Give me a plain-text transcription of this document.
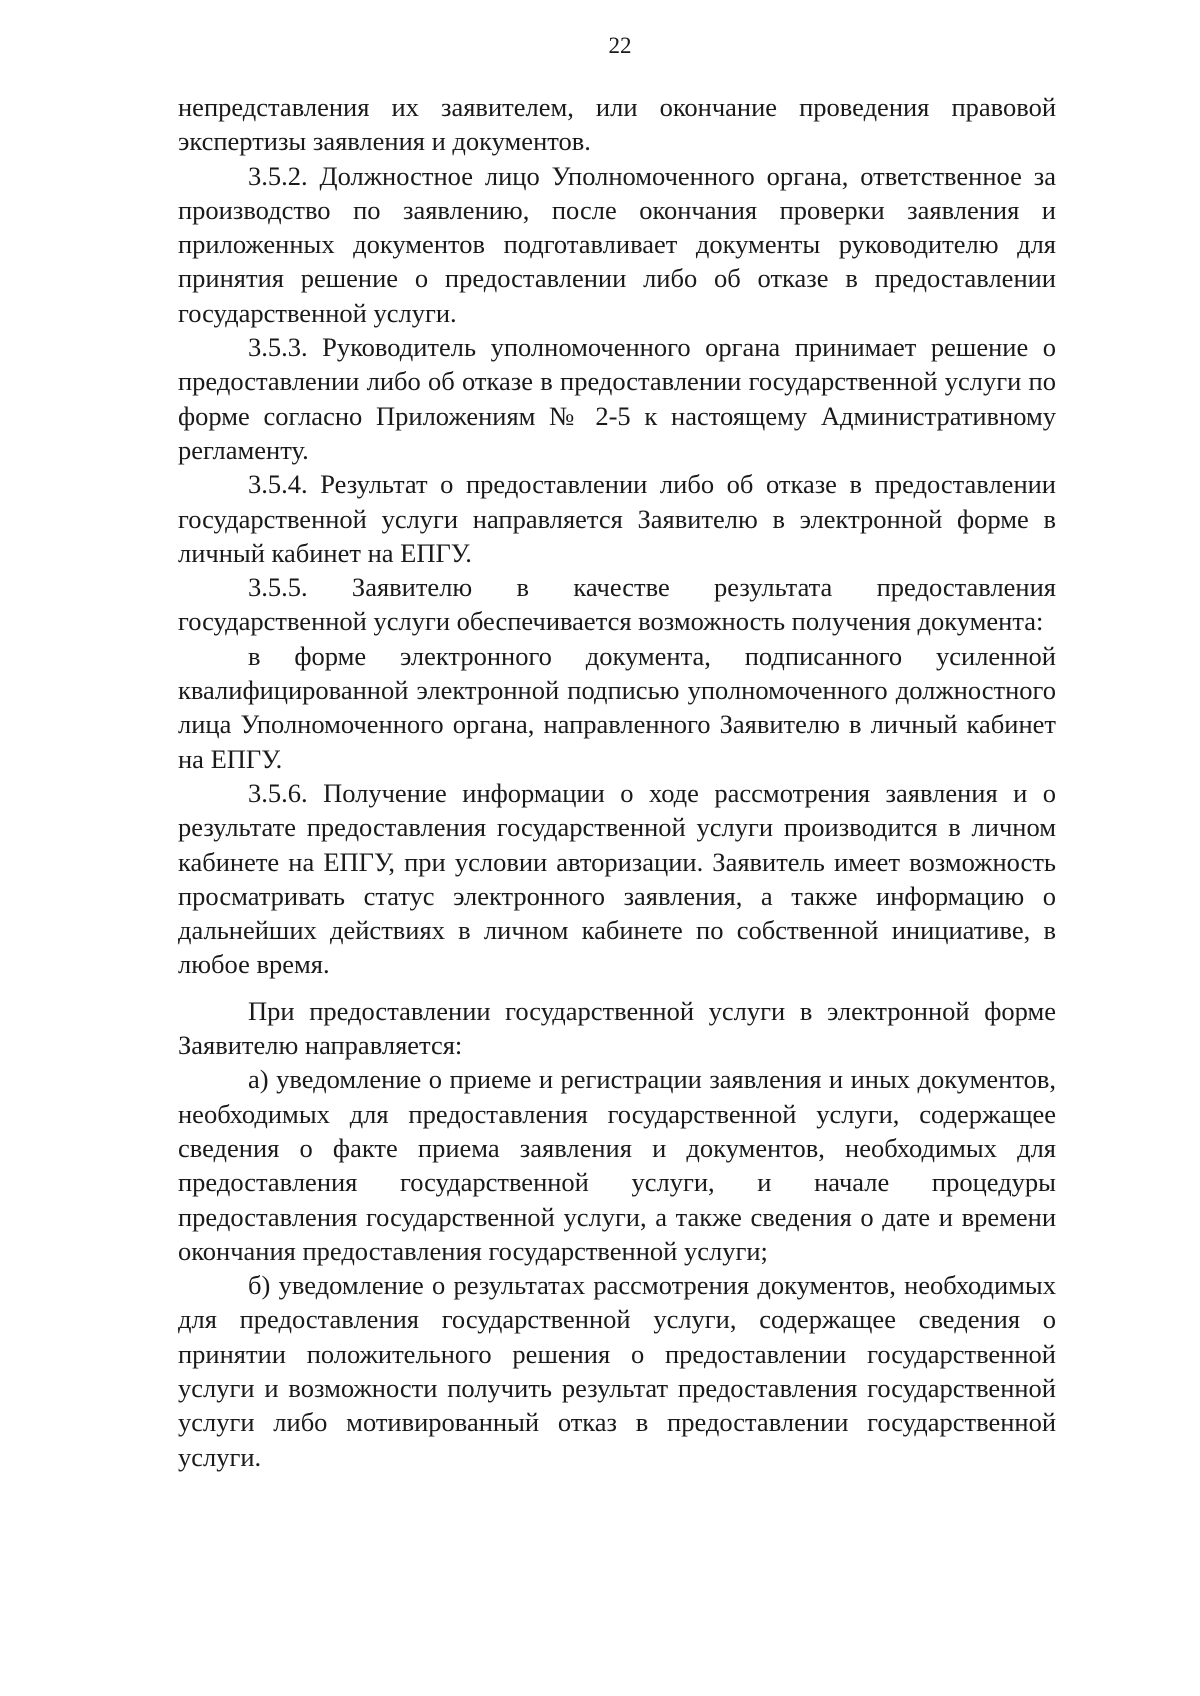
22

непредставления их заявителем, или окончание проведения правовой экспертизы заявления и документов.

3.5.2. Должностное лицо Уполномоченного органа, ответственное за производство по заявлению, после окончания проверки заявления и приложенных документов подготавливает документы руководителю для принятия решение о предоставлении либо об отказе в предоставлении государственной услуги.

3.5.3. Руководитель уполномоченного органа принимает решение о предоставлении либо об отказе в предоставлении государственной услуги по форме согласно Приложениям № 2-5 к настоящему Административному регламенту.

3.5.4. Результат о предоставлении либо об отказе в предоставлении государственной услуги направляется Заявителю в электронной форме в личный кабинет на ЕПГУ.

3.5.5. Заявителю в качестве результата предоставления государственной услуги обеспечивается возможность получения документа:

в форме электронного документа, подписанного усиленной квалифицированной электронной подписью уполномоченного должностного лица Уполномоченного органа, направленного Заявителю в личный кабинет на ЕПГУ.

3.5.6. Получение информации о ходе рассмотрения заявления и о результате предоставления государственной услуги производится в личном кабинете на ЕПГУ, при условии авторизации. Заявитель имеет возможность просматривать статус электронного заявления, а также информацию о дальнейших действиях в личном кабинете по собственной инициативе, в любое время.

При предоставлении государственной услуги в электронной форме Заявителю направляется:

а) уведомление о приеме и регистрации заявления и иных документов, необходимых для предоставления государственной услуги, содержащее сведения о факте приема заявления и документов, необходимых для предоставления государственной услуги, и начале процедуры предоставления государственной услуги, а также сведения о дате и времени окончания предоставления государственной услуги;

б) уведомление о результатах рассмотрения документов, необходимых для предоставления государственной услуги, содержащее сведения о принятии положительного решения о предоставлении государственной услуги и возможности получить результат предоставления государственной услуги либо мотивированный отказ в предоставлении государственной услуги.
